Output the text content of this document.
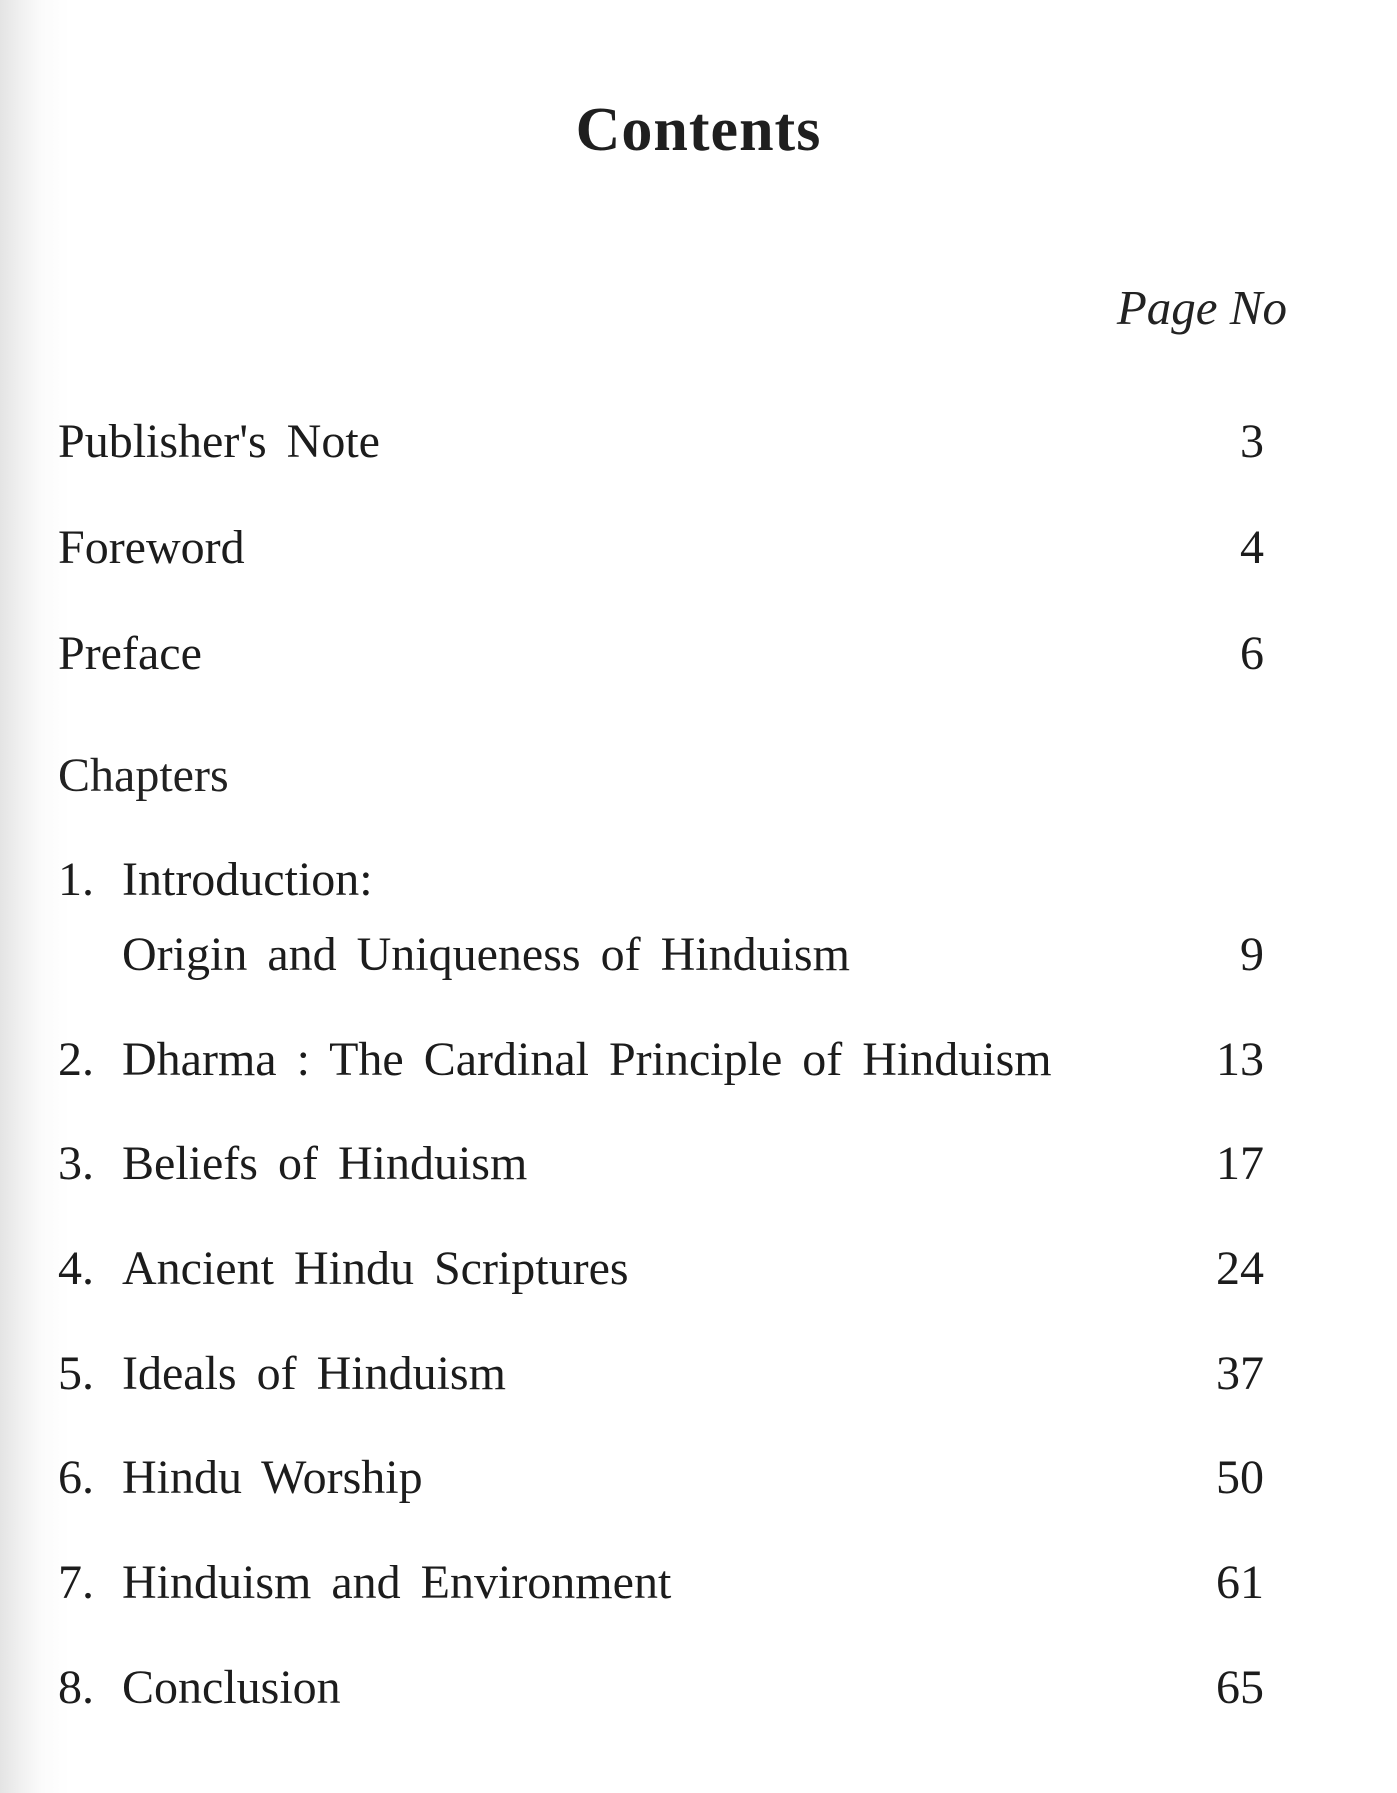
Contents
Page No
Publisher's Note	3
Foreword	4
Preface	6
Chapters
1. Introduction:
Origin and Uniqueness of Hinduism	9
2. Dharma : The Cardinal Principle of Hinduism	13
3. Beliefs of Hinduism	17
4. Ancient Hindu Scriptures	24
5. Ideals of Hinduism	37
6. Hindu Worship	50
7. Hinduism and Environment	61
8. Conclusion	65
